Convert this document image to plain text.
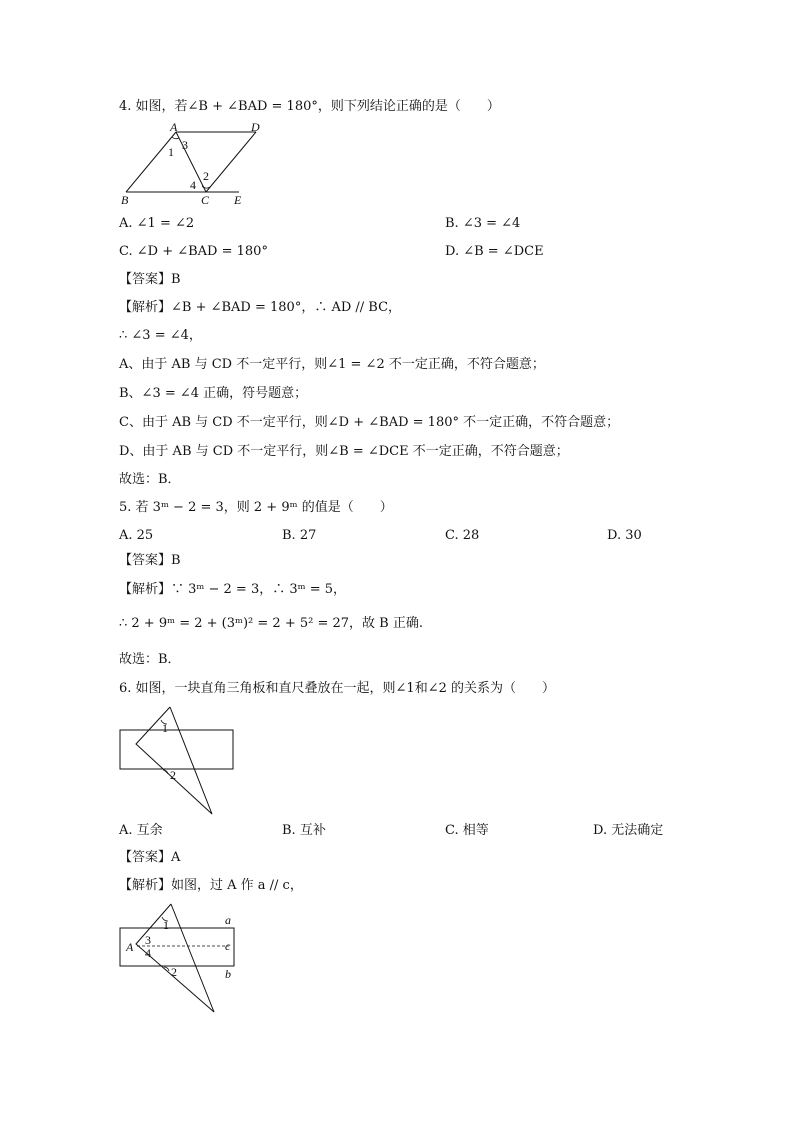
4. 如图，若∠B + ∠BAD = 180°，则下列结论正确的是（　　）
A	D
B	C E
1 3
2
4
A. ∠1 = ∠2	B. ∠3 = ∠4
C. ∠D + ∠BAD = 180°	D. ∠B = ∠DCE
【答案】B
【解析】∠B + ∠BAD = 180°，∴ AD // BC，
∴ ∠3 = ∠4，
A、由于 AB 与 CD 不一定平行，则∠1 = ∠2 不一定正确，不符合题意；
B、∠3 = ∠4 正确，符号题意；
C、由于 AB 与 CD 不一定平行，则∠D + ∠BAD = 180° 不一定正确，不符合题意；
D、由于 AB 与 CD 不一定平行，则∠B = ∠DCE 不一定正确，不符合题意；
故选：B．
5. 若 3ᵐ − 2 = 3，则 2 + 9ᵐ 的值是（　　）
A. 25	B. 27	C. 28	D. 30
【答案】B
【解析】∵ 3ᵐ − 2 = 3，∴ 3ᵐ = 5，
∴ 2 + 9ᵐ = 2 + (3ᵐ)² = 2 + 5² = 27，故 B 正确.
故选：B．
6. 如图，一块直角三角板和直尺叠放在一起，则∠1和∠2 的关系为（　　）
1
2
A. 互余	B. 互补	C. 相等	D. 无法确定
【答案】A
【解析】如图，过 A 作 a // c，
a
c
b
A
1
3
4
2
